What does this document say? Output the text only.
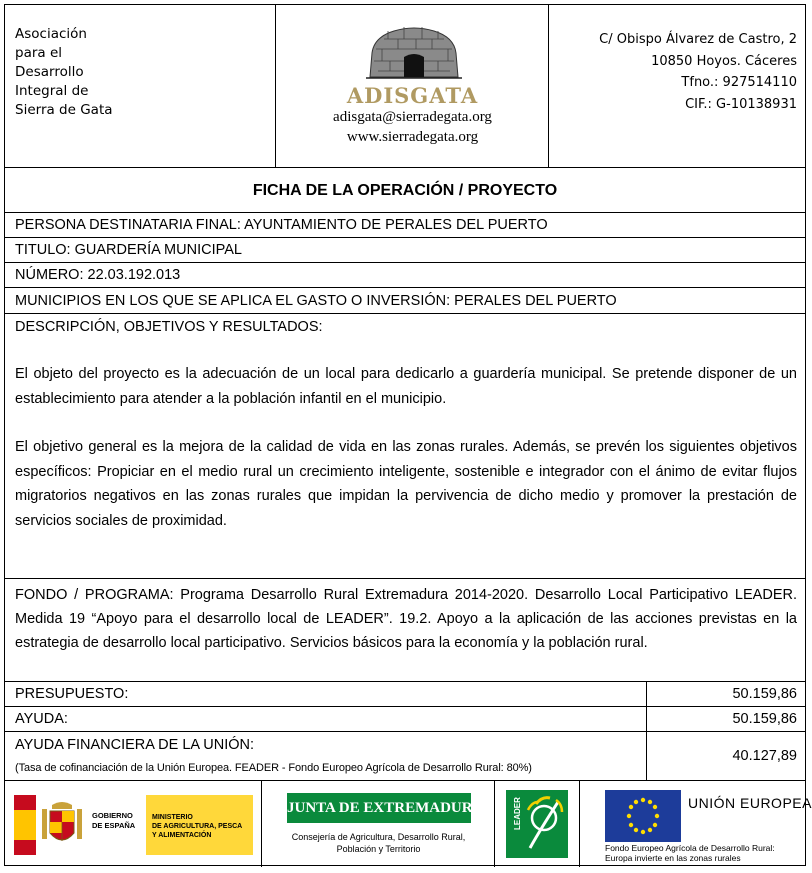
Asociación
para el
Desarrollo
Integral de
Sierra de Gata
ADISGATA
adisgata@sierradegata.org
www.sierradegata.org
C/ Obispo Álvarez de Castro, 2
10850 Hoyos. Cáceres
Tfno.: 927514110
CIF.: G-10138931
FICHA DE LA OPERACIÓN / PROYECTO
PERSONA DESTINATARIA FINAL: AYUNTAMIENTO DE PERALES DEL PUERTO
TITULO: GUARDERÍA MUNICIPAL
NÚMERO: 22.03.192.013
MUNICIPIOS EN LOS QUE SE APLICA EL GASTO O INVERSIÓN: PERALES DEL PUERTO
DESCRIPCIÓN, OBJETIVOS Y RESULTADOS:

El objeto del proyecto es la adecuación de un local para dedicarlo a guardería municipal. Se pretende disponer de un establecimiento para atender a la población infantil en el municipio.

El objetivo general es la mejora de la calidad de vida en las zonas rurales. Además, se prevén los siguientes objetivos específicos: Propiciar en el medio rural un crecimiento inteligente, sostenible e integrador con el ánimo de evitar flujos migratorios negativos en las zonas rurales que impidan la pervivencia de dicho medio y promover la prestación de servicios sociales de proximidad.

FONDO / PROGRAMA: Programa Desarrollo Rural Extremadura 2014-2020. Desarrollo Local Participativo LEADER. Medida 19 “Apoyo para el desarrollo local de LEADER”. 19.2. Apoyo a la aplicación de las acciones previstas en la estrategia de desarrollo local participativo. Servicios básicos para la economía y la población rural.
PRESUPUESTO:	50.159,86
AYUDA:	50.159,86
AYUDA FINANCIERA DE LA UNIÓN:
(Tasa de cofinanciación de la Unión Europea. FEADER - Fondo Europeo Agrícola de Desarrollo Rural: 80%)
40.127,89
GOBIERNO
DE ESPAÑA
MINISTERIO
DE AGRICULTURA, PESCA
Y ALIMENTACIÓN
JUNTA DE EXTREMADURA
Consejería de Agricultura, Desarrollo Rural,
Población y Territorio
LEADER	UNIÓN EUROPEA
Fondo Europeo Agrícola de Desarrollo Rural:
Europa invierte en las zonas rurales
